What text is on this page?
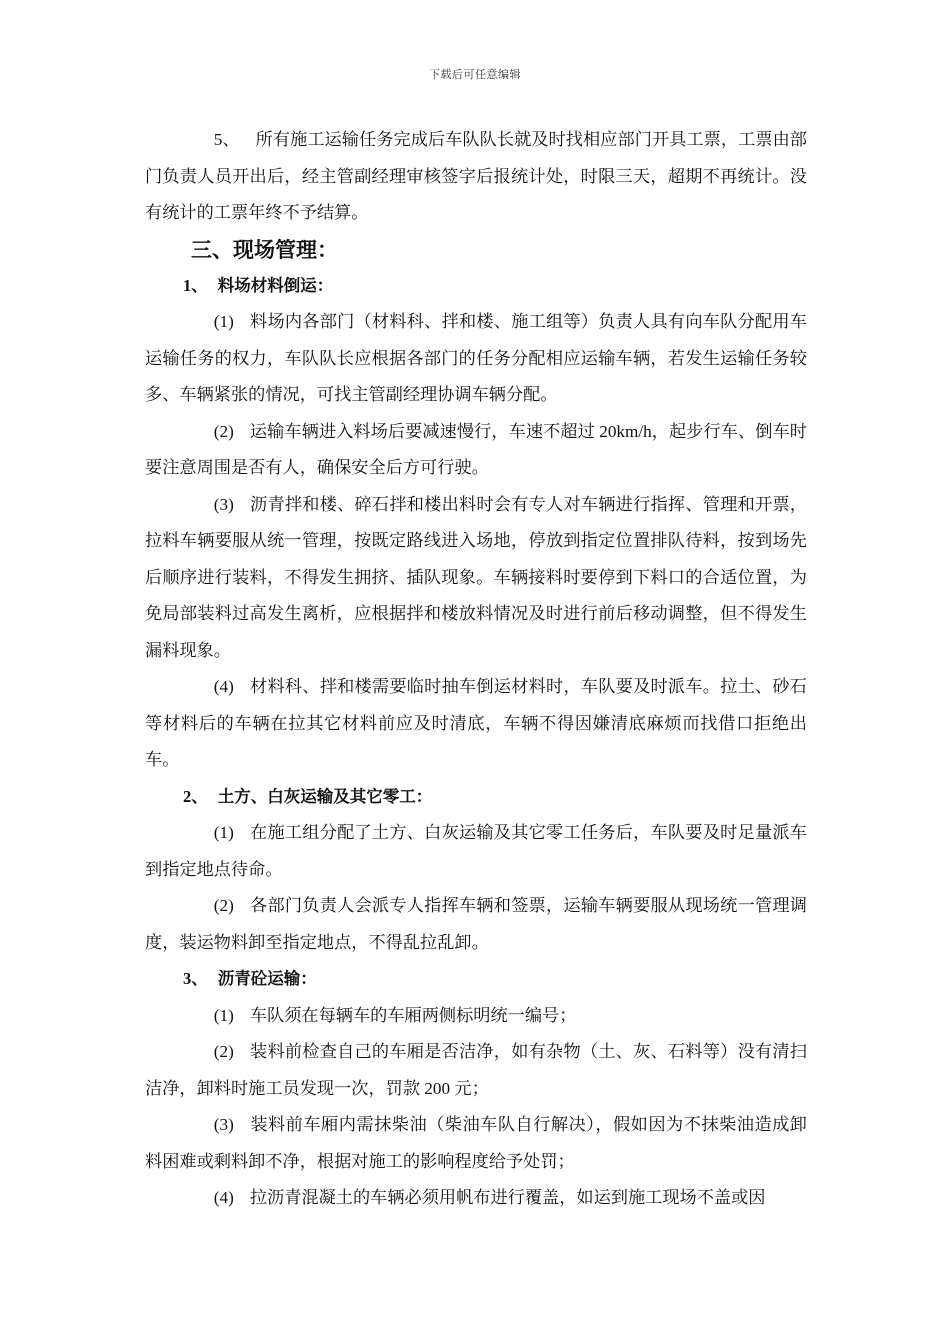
下载后可任意编辑

5、 所有施工运输任务完成后车队队长就及时找相应部门开具工票，工票由部门负责人员开出后，经主管副经理审核签字后报统计处，时限三天，超期不再统计。没有统计的工票年终不予结算。

三、现场管理：

1、 料场材料倒运：

(1) 料场内各部门（材料科、拌和楼、施工组等）负责人具有向车队分配用车运输任务的权力，车队队长应根据各部门的任务分配相应运输车辆，若发生运输任务较多、车辆紧张的情况，可找主管副经理协调车辆分配。

(2) 运输车辆进入料场后要减速慢行，车速不超过 20km/h，起步行车、倒车时要注意周围是否有人，确保安全后方可行驶。

(3) 沥青拌和楼、碎石拌和楼出料时会有专人对车辆进行指挥、管理和开票，拉料车辆要服从统一管理，按既定路线进入场地，停放到指定位置排队待料，按到场先后顺序进行装料，不得发生拥挤、插队现象。车辆接料时要停到下料口的合适位置，为免局部装料过高发生离析，应根据拌和楼放料情况及时进行前后移动调整，但不得发生漏料现象。

(4) 材料科、拌和楼需要临时抽车倒运材料时，车队要及时派车。拉土、砂石等材料后的车辆在拉其它材料前应及时清底，车辆不得因嫌清底麻烦而找借口拒绝出车。

2、 土方、白灰运输及其它零工：

(1) 在施工组分配了土方、白灰运输及其它零工任务后，车队要及时足量派车到指定地点待命。

(2) 各部门负责人会派专人指挥车辆和签票，运输车辆要服从现场统一管理调度，装运物料卸至指定地点，不得乱拉乱卸。

3、 沥青砼运输：

(1) 车队须在每辆车的车厢两侧标明统一编号；

(2) 装料前检查自己的车厢是否洁净，如有杂物（土、灰、石料等）没有清扫洁净，卸料时施工员发现一次，罚款 200 元；

(3) 装料前车厢内需抹柴油（柴油车队自行解决），假如因为不抹柴油造成卸料困难或剩料卸不净，根据对施工的影响程度给予处罚；

(4) 拉沥青混凝土的车辆必须用帆布进行覆盖，如运到施工现场不盖或因
